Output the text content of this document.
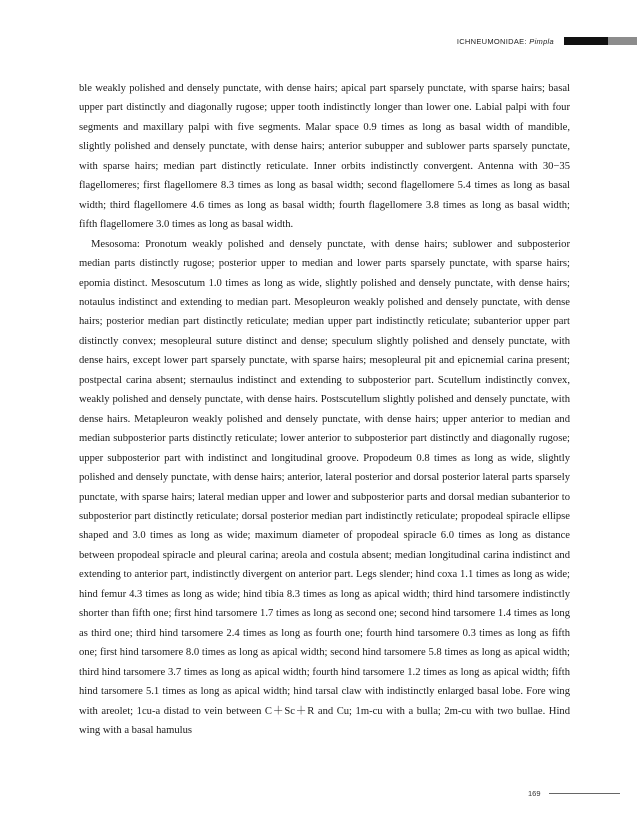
ICHNEUMONIDAE: Pimpla

ble weakly polished and densely punctate, with dense hairs; apical part sparsely punctate, with sparse hairs; basal upper part distinctly and diagonally rugose; upper tooth indistinctly longer than lower one. Labial palpi with four segments and maxillary palpi with five segments. Malar space 0.9 times as long as basal width of mandible, slightly polished and densely punctate, with dense hairs; anterior subupper and sublower parts sparsely punctate, with sparse hairs; median part distinctly reticulate. Inner orbits indistinctly convergent. Antenna with 30−35 flagellomeres; first flagellomere 8.3 times as long as basal width; second flagellomere 5.4 times as long as basal width; third flagellomere 4.6 times as long as basal width; fourth flagellomere 3.8 times as long as basal width; fifth flagellomere 3.0 times as long as basal width.

Mesosoma: Pronotum weakly polished and densely punctate, with dense hairs; sublower and subposterior median parts distinctly rugose; posterior upper to median and lower parts sparsely punctate, with sparse hairs; epomia distinct. Mesoscutum 1.0 times as long as wide, slightly polished and densely punctate, with dense hairs; notaulus indistinct and extending to median part. Mesopleuron weakly polished and densely punctate, with dense hairs; posterior median part distinctly reticulate; median upper part indistinctly reticulate; subanterior upper part distinctly convex; mesopleural suture distinct and dense; speculum slightly polished and densely punctate, with dense hairs, except lower part sparsely punctate, with sparse hairs; mesopleural pit and epicnemial carina present; postpectal carina absent; sternaulus indistinct and extending to subposterior part. Scutellum indistinctly convex, weakly polished and densely punctate, with dense hairs. Postscutellum slightly polished and densely punctate, with dense hairs. Metapleuron weakly polished and densely punctate, with dense hairs; upper anterior to median and median subposterior parts distinctly reticulate; lower anterior to subposterior part distinctly and diagonally rugose; upper subposterior part with indistinct and longitudinal groove. Propodeum 0.8 times as long as wide, slightly polished and densely punctate, with dense hairs; anterior, lateral posterior and dorsal posterior lateral parts sparsely punctate, with sparse hairs; lateral median upper and lower and subposterior parts and dorsal median subanterior to subposterior part distinctly reticulate; dorsal posterior median part indistinctly reticulate; propodeal spiracle ellipse shaped and 3.0 times as long as wide; maximum diameter of propodeal spiracle 6.0 times as long as distance between propodeal spiracle and pleural carina; areola and costula absent; median longitudinal carina indistinct and extending to anterior part, indistinctly divergent on anterior part. Legs slender; hind coxa 1.1 times as long as wide; hind femur 4.3 times as long as wide; hind tibia 8.3 times as long as apical width; third hind tarsomere indistinctly shorter than fifth one; first hind tarsomere 1.7 times as long as second one; second hind tarsomere 1.4 times as long as third one; third hind tarsomere 2.4 times as long as fourth one; fourth hind tarsomere 0.3 times as long as fifth one; first hind tarsomere 8.0 times as long as apical width; second hind tarsomere 5.8 times as long as apical width; third hind tarsomere 3.7 times as long as apical width; fourth hind tarsomere 1.2 times as long as apical width; fifth hind tarsomere 5.1 times as long as apical width; hind tarsal claw with indistinctly enlarged basal lobe. Fore wing with areolet; 1cu-a distad to vein between C＋Sc＋R and Cu; 1m-cu with a bulla; 2m-cu with two bullae. Hind wing with a basal hamulus

169
